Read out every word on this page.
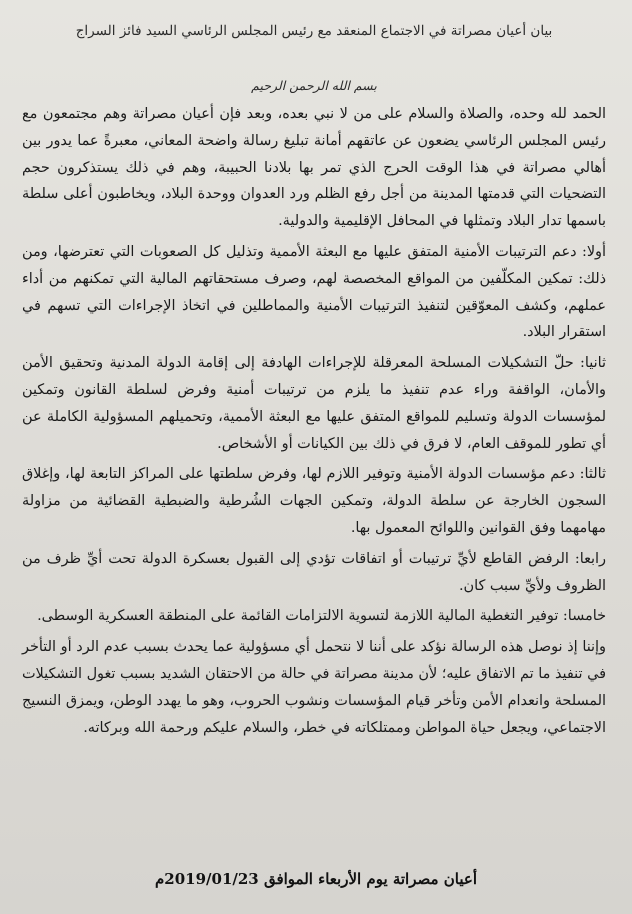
بيان أعيان مصراتة في الاجتماع المنعقد مع رئيس المجلس الرئاسي السيد فائز السراج
بسم الله الرحمن الرحيم

الحمد لله وحده، والصلاة والسلام على من لا نبي بعده، وبعد فإن أعيان مصراتة وهم مجتمعون مع رئيس المجلس الرئاسي يضعون عن عاتقهم أمانة تبليغ رسالة واضحة المعاني، معبرةً عما يدور بين أهالي مصراتة في هذا الوقت الحرج الذي تمر بها بلادنا الحبيبة، وهم في ذلك يستذكرون حجم التضحيات التي قدمتها المدينة من أجل رفع الظلم ورد العدوان ووحدة البلاد، ويخاطبون أعلى سلطة باسمها تدار البلاد وتمثلها في المحافل الإقليمية والدولية.

أولا: دعم الترتيبات الأمنية المتفق عليها مع البعثة الأممية وتذليل كل الصعوبات التي تعترضها، ومن ذلك: تمكين المكلّفين من المواقع المخصصة لهم، وصرف مستحقاتهم المالية التي تمكنهم من أداء عملهم، وكشف المعوّقين لتنفيذ الترتيبات الأمنية والمماطلين في اتخاذ الإجراءات التي تسهم في استقرار البلاد.

ثانيا: حلّ التشكيلات المسلحة المعرقلة للإجراءات الهادفة إلى إقامة الدولة المدنية وتحقيق الأمن والأمان، الواقفة وراء عدم تنفيذ ما يلزم من ترتيبات أمنية وفرض لسلطة القانون وتمكين لمؤسسات الدولة وتسليم للمواقع المتفق عليها مع البعثة الأممية، وتحميلهم المسؤولية الكاملة عن أي تطور للموقف العام، لا فرق في ذلك بين الكيانات أو الأشخاص.

ثالثا: دعم مؤسسات الدولة الأمنية وتوفير اللازم لها، وفرض سلطتها على المراكز التابعة لها، وإغلاق السجون الخارجة عن سلطة الدولة، وتمكين الجهات الشُرطية والضبطية القضائية من مزاولة مهامهما وفق القوانين واللوائح المعمول بها.

رابعا: الرفض القاطع لأيِّ ترتيبات أو اتفاقات تؤدي إلى القبول بعسكرة الدولة تحت أيِّ ظرف من الظروف ولأيِّ سبب كان.

خامسا: توفير التغطية المالية اللازمة لتسوية الالتزامات القائمة على المنطقة العسكرية الوسطى.

وإننا إذ نوصل هذه الرسالة نؤكد على أننا لا نتحمل أي مسؤولية عما يحدث بسبب عدم الرد أو التأخر في تنفيذ ما تم الاتفاق عليه؛ لأن مدينة مصراتة في حالة من الاحتقان الشديد بسبب تغول التشكيلات المسلحة وانعدام الأمن وتأخر قيام المؤسسات ونشوب الحروب، وهو ما يهدد الوطن، ويمزق النسيج الاجتماعي، ويجعل حياة المواطن وممتلكاته في خطر، والسلام عليكم ورحمة الله وبركاته.

أعيان مصراتة يوم الأربعاء الموافق 2019/01/23م
